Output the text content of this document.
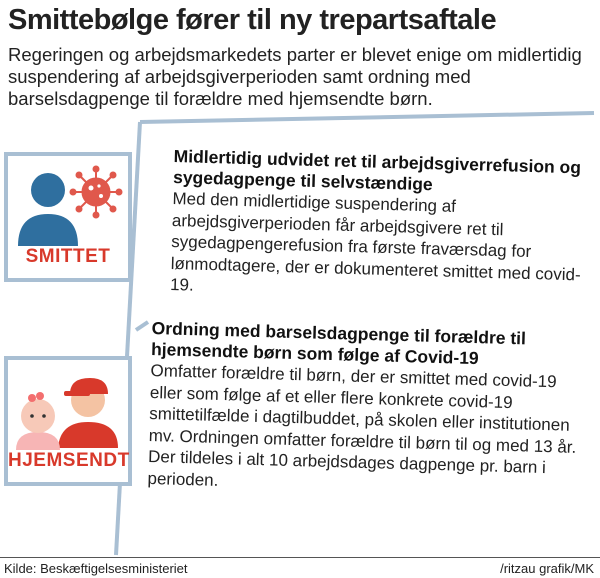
Smittebølge fører til ny trepartsaftale
Regeringen og arbejdsmarkedets parter er blevet enige om midlertidig suspendering af arbejdsgiverperioden samt ordning med barselsdagpenge til forældre med hjemsendte børn.
SMITTET
HJEMSENDT
Midlertidig udvidet ret til arbejdsgiverrefusion og sygedagpenge til selvstændige
Med den midlertidige suspendering af arbejdsgiverperioden får arbejdsgivere ret til sygedagpengerefusion fra første fraværsdag for lønmodtagere, der er dokumenteret smittet med covid-19.
Ordning med barselsdagpenge til forældre til hjemsendte børn som følge af Covid-19
Omfatter forældre til børn, der er smittet med covid-19 eller som følge af et eller flere konkrete covid-19 smittetilfælde i dagtilbuddet, på skolen eller institutionen mv. Ordningen omfatter forældre til børn til og med 13 år. Der tildeles i alt 10 arbejdsdages dagpenge pr. barn i perioden.
Kilde: Beskæftigelsesministeriet	/ritzau grafik/MK
